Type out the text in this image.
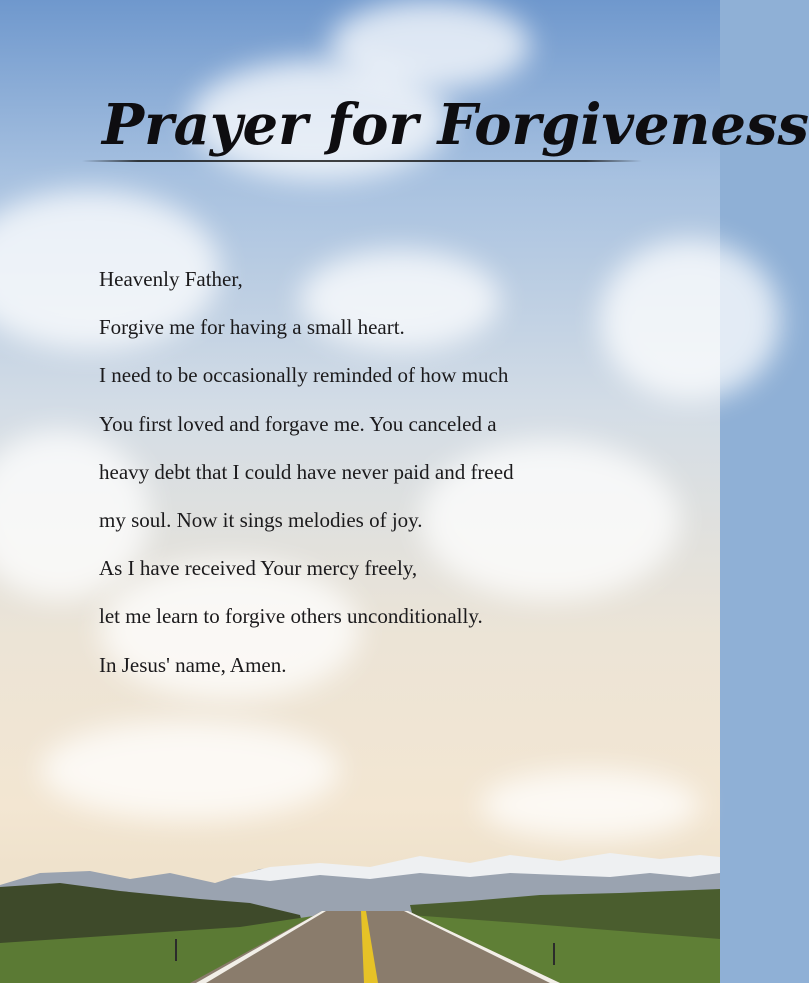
Prayer for Forgiveness
Heavenly Father,
Forgive me for having a small heart.
I need to be occasionally reminded of how much
You first loved and forgave me. You canceled a
heavy debt that I could have never paid and freed
my soul. Now it sings melodies of joy.
As I have received Your mercy freely,
let me learn to forgive others unconditionally.
In Jesus' name, Amen.
